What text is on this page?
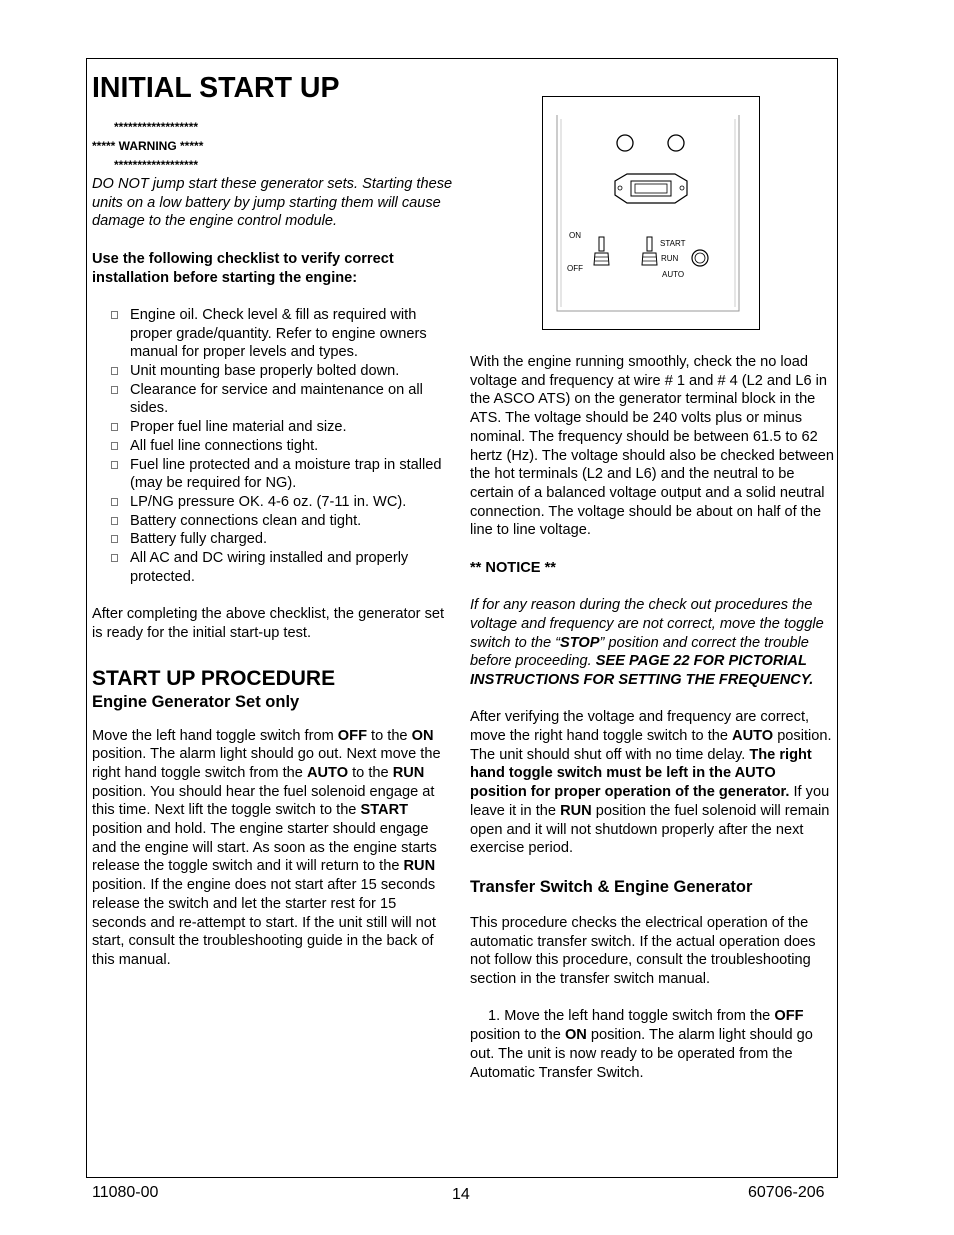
INITIAL START UP
******************
***** WARNING *****
******************

DO NOT jump start these generator sets. Starting these units on a low battery by jump starting them will cause damage to the engine control module.

Use the following checklist to verify correct installation before starting the engine:

Engine oil. Check level & fill as required with proper grade/quantity. Refer to engine owners manual for proper levels and types.
Unit mounting base properly bolted down.
Clearance for service and maintenance on all sides.
Proper fuel line material and size.
All fuel line connections tight.
Fuel line protected and a moisture trap in stalled (may be required for NG).
LP/NG pressure OK. 4-6 oz. (7-11 in. WC).
Battery connections clean and tight.
Battery fully charged.
All AC and DC wiring installed and properly protected.

After completing the above checklist, the generator set is ready for the initial start-up test.

START UP PROCEDURE
Engine Generator Set only

Move the left hand toggle switch from OFF to the ON position. The alarm light should go out. Next move the right hand toggle switch from the AUTO to the RUN position. You should hear the fuel solenoid engage at this time. Next lift the toggle switch to the START position and hold. The engine starter should engage and the engine will start. As soon as the engine starts release the toggle switch and it will return to the RUN position. If the engine does not start after 15 seconds release the switch and let the starter rest for 15 seconds and re-attempt to start. If the unit still will not start, consult the troubleshooting guide in the back of this manual.

ON
OFF
START
RUN
AUTO

With the engine running smoothly, check the no load voltage and frequency at wire # 1 and # 4 (L2 and L6 in the ASCO ATS) on the generator terminal block in the ATS. The voltage should be 240 volts plus or minus nominal. The frequency should be between 61.5 to 62 hertz (Hz). The voltage should also be checked between the hot terminals (L2 and L6) and the neutral to be certain of a balanced voltage output and a solid neutral connection. The voltage should be about on half of the line to line voltage.

** NOTICE **

If for any reason during the check out procedures the voltage and frequency are not correct, move the toggle switch to the “STOP” position and correct the trouble before proceeding. SEE PAGE 22 FOR PICTORIAL INSTRUCTIONS FOR SETTING THE FREQUENCY.

After verifying the voltage and frequency are correct, move the right hand toggle switch to the AUTO position. The unit should shut off with no time delay. The right hand toggle switch must be left in the AUTO position for proper operation of the generator. If you leave it in the RUN position the fuel solenoid will remain open and it will not shutdown properly after the next exercise period.

Transfer Switch & Engine Generator

This procedure checks the electrical operation of the automatic transfer switch. If the actual operation does not follow this procedure, consult the troubleshooting section in the transfer switch manual.

1. Move the left hand toggle switch from the OFF position to the ON position. The alarm light should go out. The unit is now ready to be operated from the Automatic Transfer Switch.

11080-00	14	60706-206
